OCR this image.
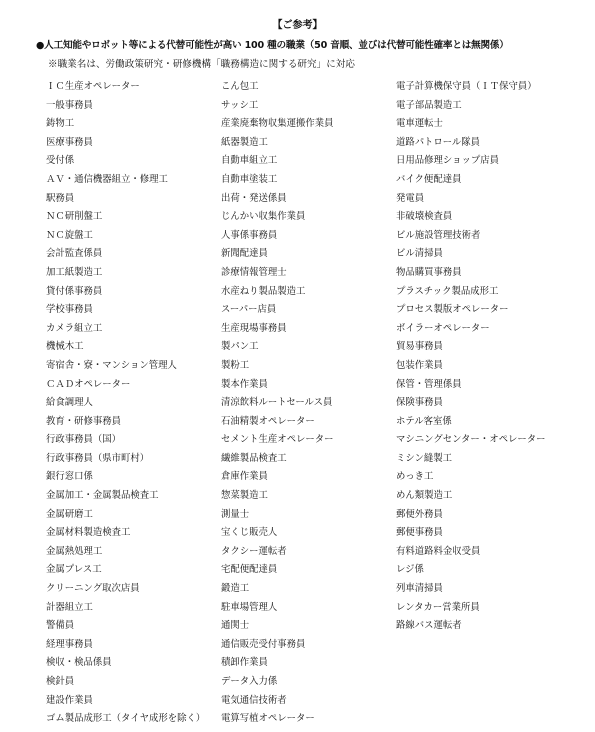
【ご参考】
●人工知能やロボット等による代替可能性が高い 100 種の職業（50 音順、並びは代替可能性確率とは無関係）
※職業名は、労働政策研究・研修機構「職務構造に関する研究」に対応
ＩＣ生産オペレーター
一般事務員
鋳物工
医療事務員
受付係
ＡＶ・通信機器組立・修理工
駅務員
ＮＣ研削盤工
ＮＣ旋盤工
会計監査係員
加工紙製造工
貸付係事務員
学校事務員
カメラ組立工
機械木工
寄宿舎・寮・マンション管理人
ＣＡＤオペレーター
給食調理人
教育・研修事務員
行政事務員（国）
行政事務員（県市町村）
銀行窓口係
金属加工・金属製品検査工
金属研磨工
金属材料製造検査工
金属熱処理工
金属プレス工
クリーニング取次店員
計器組立工
警備員
経理事務員
検収・検品係員
検針員
建設作業員
ゴム製品成形工（タイヤ成形を除く）
こん包工
サッシ工
産業廃棄物収集運搬作業員
紙器製造工
自動車組立工
自動車塗装工
出荷・発送係員
じんかい収集作業員
人事係事務員
新聞配達員
診療情報管理士
水産ねり製品製造工
スーパー店員
生産現場事務員
製パン工
製粉工
製本作業員
清涼飲料ルートセールス員
石油精製オペレーター
セメント生産オペレーター
繊維製品検査工
倉庫作業員
惣菜製造工
測量士
宝くじ販売人
タクシー運転者
宅配便配達員
鍛造工
駐車場管理人
通関士
通信販売受付事務員
積卸作業員
データ入力係
電気通信技術者
電算写植オペレーター
電子計算機保守員（ＩＴ保守員）
電子部品製造工
電車運転士
道路パトロール隊員
日用品修理ショップ店員
バイク便配達員
発電員
非破壊検査員
ビル施設管理技術者
ビル清掃員
物品購買事務員
プラスチック製品成形工
プロセス製版オペレーター
ボイラーオペレーター
貿易事務員
包装作業員
保管・管理係員
保険事務員
ホテル客室係
マシニングセンター・オペレーター
ミシン縫製工
めっき工
めん類製造工
郵便外務員
郵便事務員
有料道路料金収受員
レジ係
列車清掃員
レンタカー営業所員
路線バス運転者
